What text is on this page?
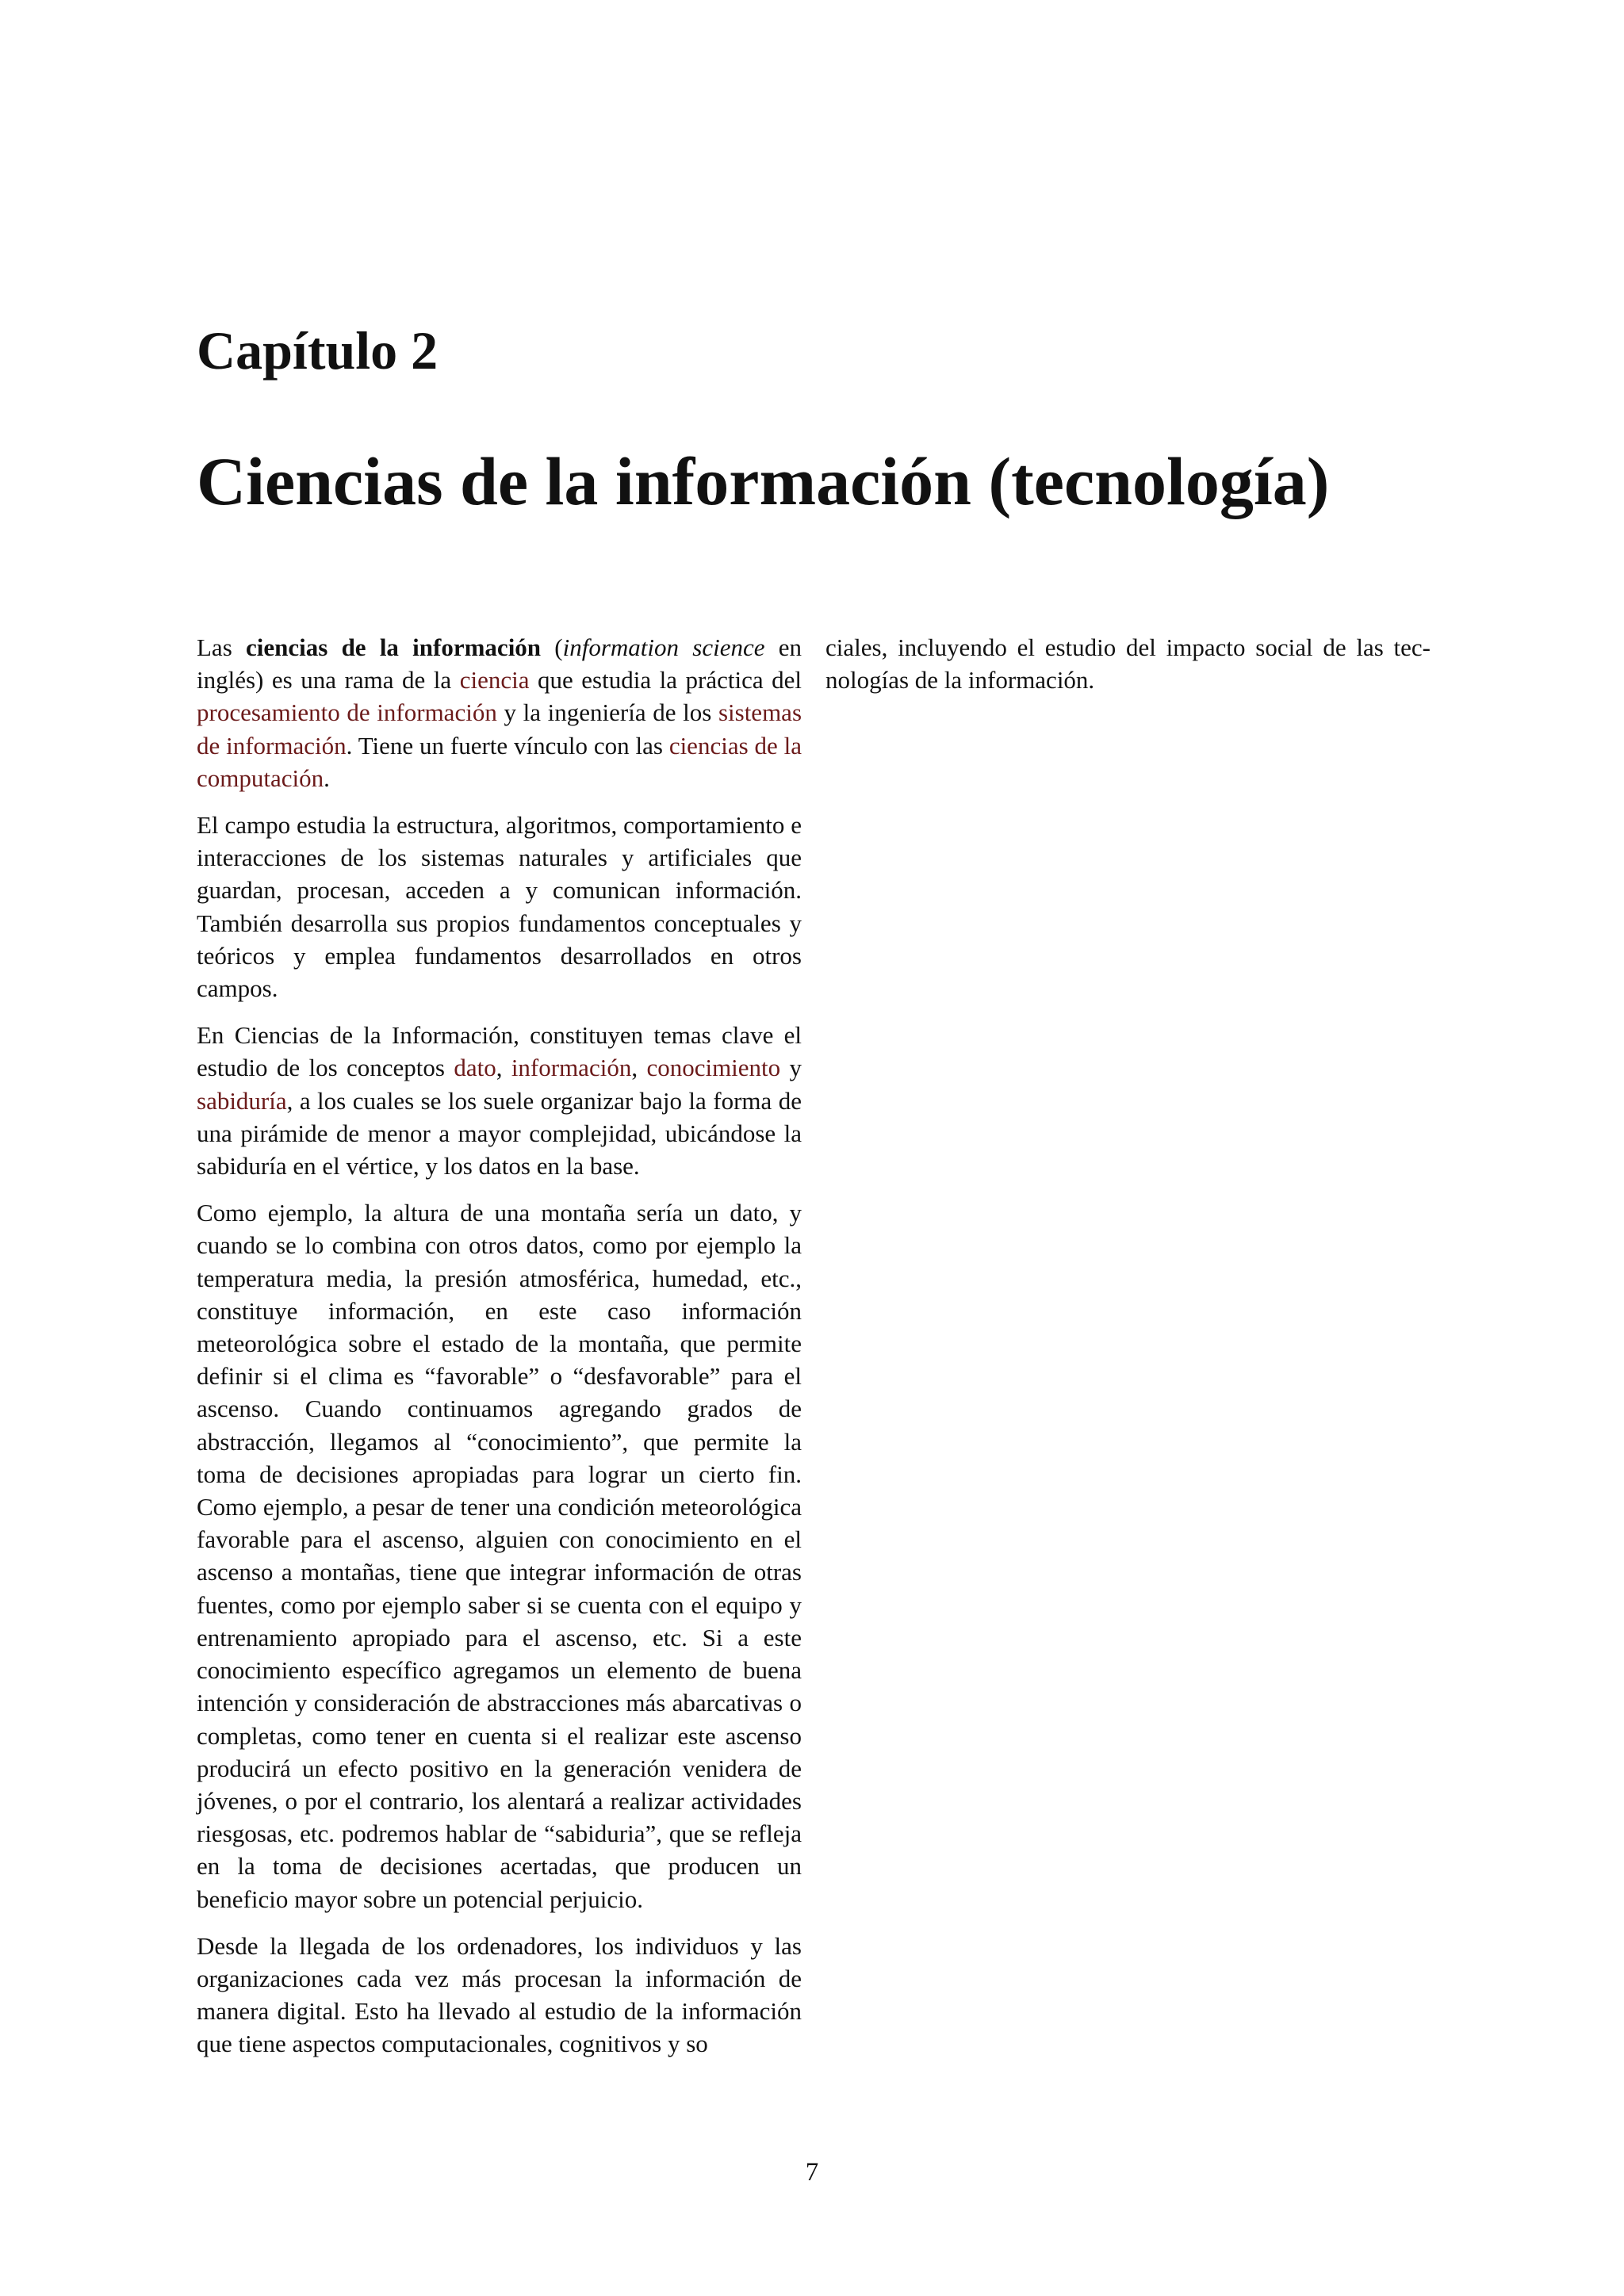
Capítulo 2
Ciencias de la información (tecnología)

Las ciencias de la información (information science en inglés) es una rama de la ciencia que estudia la práctica del procesamiento de información y la ingeniería de los sistemas de información. Tiene un fuerte vínculo con las ciencias de la computación.

El campo estudia la estructura, algoritmos, comportamiento e interacciones de los sistemas naturales y artificiales que guardan, procesan, acceden a y comunican información. También desarrolla sus propios fundamentos conceptuales y teóricos y emplea fundamentos desarrollados en otros campos.

En Ciencias de la Información, constituyen temas clave el estudio de los conceptos dato, información, conocimiento y sabiduría, a los cuales se los suele organizar bajo la forma de una pirámide de menor a mayor complejidad, ubicándose la sabiduría en el vértice, y los datos en la base.

Como ejemplo, la altura de una montaña sería un dato, y cuando se lo combina con otros datos, como por ejemplo la temperatura media, la presión atmosférica, humedad, etc., constituye información, en este caso información meteorológica sobre el estado de la montaña, que permite definir si el clima es “favorable” o “desfavorable” para el ascenso. Cuando continuamos agregando grados de abstracción, llegamos al “conocimiento”, que permite la toma de decisiones apropiadas para lograr un cierto fin. Como ejemplo, a pesar de tener una condición meteorológica favorable para el ascenso, alguien con conocimiento en el ascenso a montañas, tiene que integrar información de otras fuentes, como por ejemplo saber si se cuenta con el equipo y entrenamiento apropiado para el ascenso, etc. Si a este conocimiento específico agregamos un elemento de buena intención y consideración de abstracciones más abarcativas o completas, como tener en cuenta si el realizar este ascenso producirá un efecto positivo en la generación venidera de jóvenes, o por el contrario, los alentará a realizar actividades riesgosas, etc. podremos hablar de “sabiduria”, que se refleja en la toma de decisiones acertadas, que producen un beneficio mayor sobre un potencial perjuicio.

Desde la llegada de los ordenadores, los individuos y las organizaciones cada vez más procesan la información de manera digital. Esto ha llevado al estudio de la información que tiene aspectos computacionales, cognitivos y so

ciales, incluyendo el estudio del impacto social de las tecnologías de la información.

7
